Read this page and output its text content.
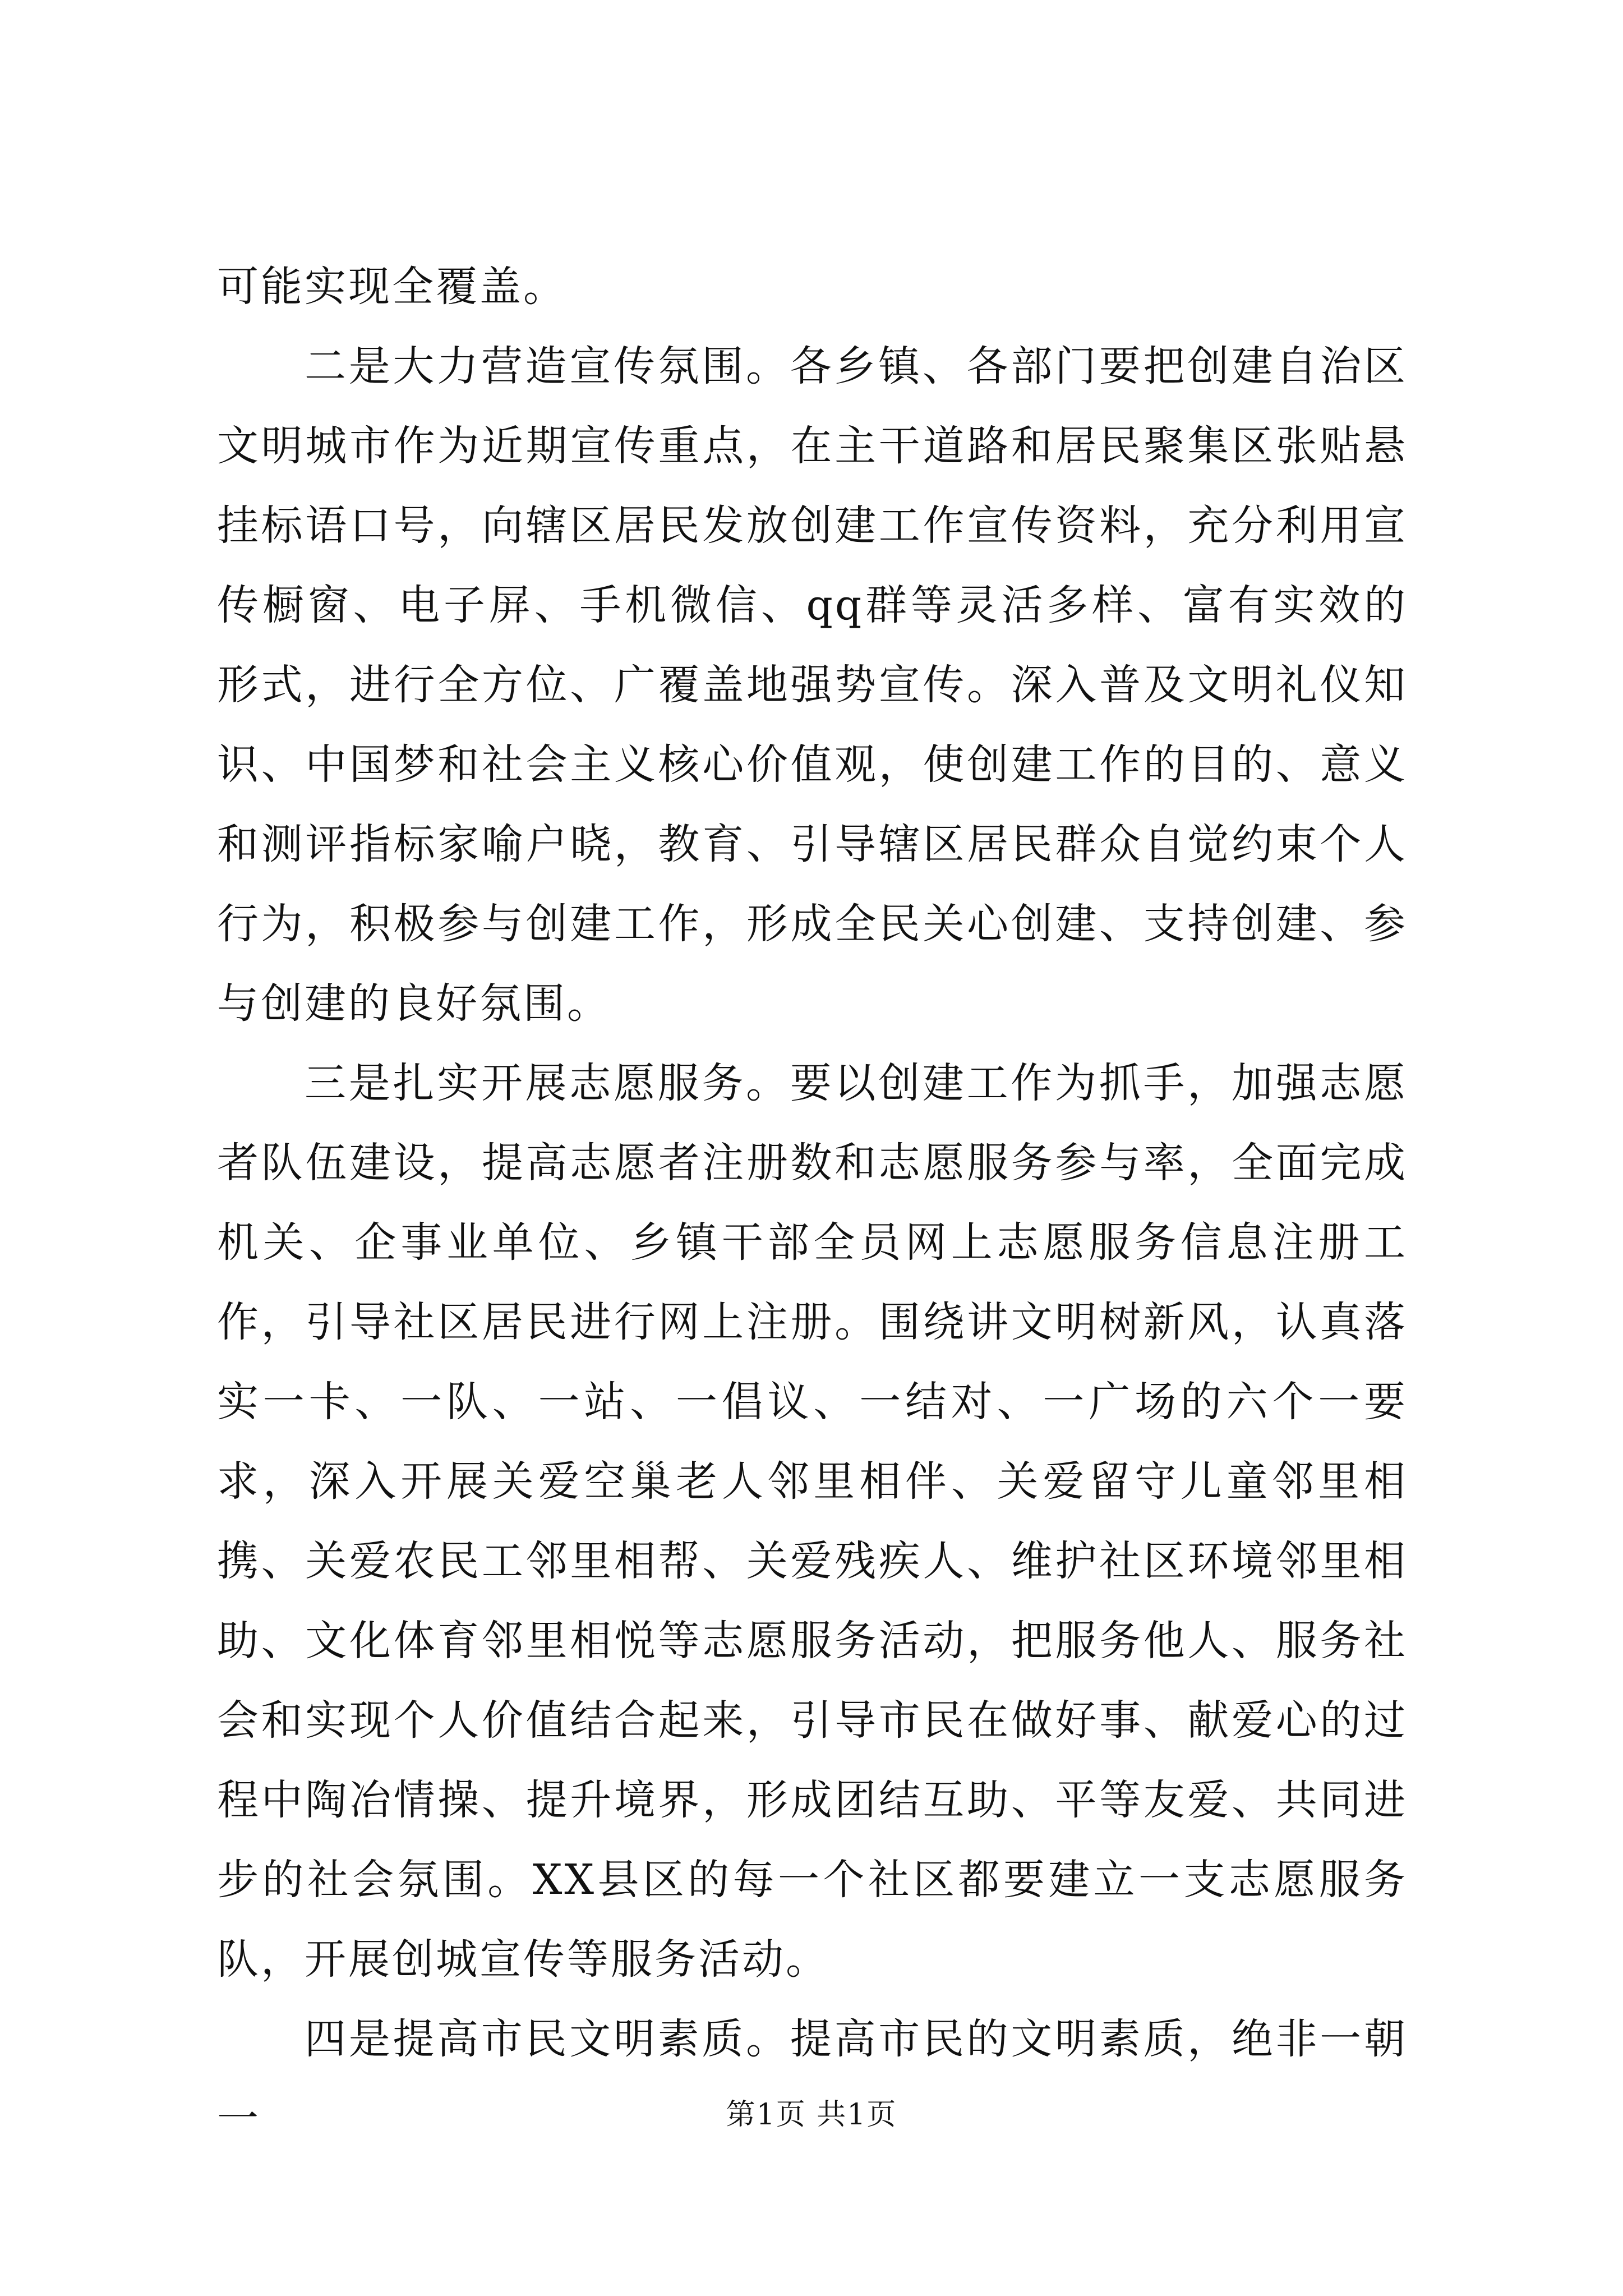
可能实现全覆盖。

二是大力营造宣传氛围。各乡镇、各部门要把创建自治区文明城市作为近期宣传重点，在主干道路和居民聚集区张贴悬挂标语口号，向辖区居民发放创建工作宣传资料，充分利用宣传橱窗、电子屏、手机微信、qq群等灵活多样、富有实效的形式，进行全方位、广覆盖地强势宣传。深入普及文明礼仪知识、中国梦和社会主义核心价值观，使创建工作的目的、意义和测评指标家喻户晓，教育、引导辖区居民群众自觉约束个人行为，积极参与创建工作，形成全民关心创建、支持创建、参与创建的良好氛围。

三是扎实开展志愿服务。要以创建工作为抓手，加强志愿者队伍建设，提高志愿者注册数和志愿服务参与率，全面完成机关、企事业单位、乡镇干部全员网上志愿服务信息注册工作，引导社区居民进行网上注册。围绕讲文明树新风，认真落实一卡、一队、一站、一倡议、一结对、一广场的六个一要求，深入开展关爱空巢老人邻里相伴、关爱留守儿童邻里相携、关爱农民工邻里相帮、关爱残疾人、维护社区环境邻里相助、文化体育邻里相悦等志愿服务活动，把服务他人、服务社会和实现个人价值结合起来，引导市民在做好事、献爱心的过程中陶冶情操、提升境界，形成团结互助、平等友爱、共同进步的社会氛围。XX县区的每一个社区都要建立一支志愿服务队，开展创城宣传等服务活动。

四是提高市民文明素质。提高市民的文明素质，绝非一朝一	第1页 共1页
